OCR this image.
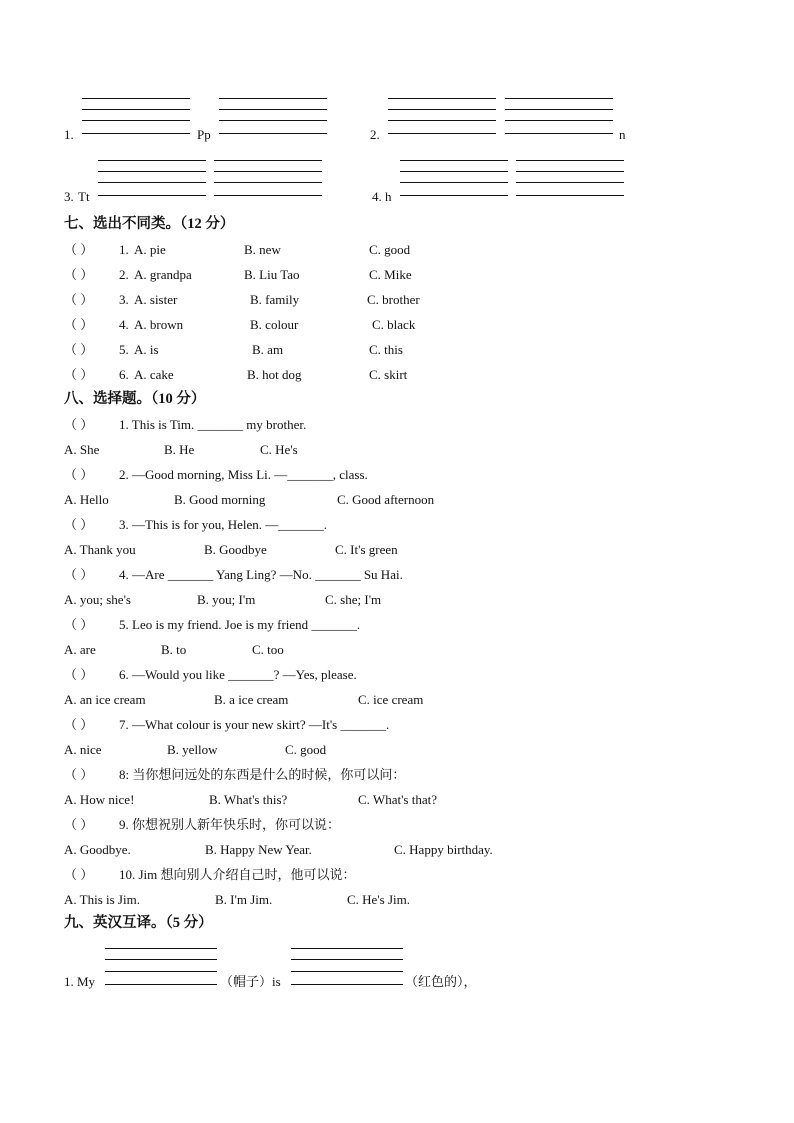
1.	Pp	2.	n
3. Tt	4. h
七、选出不同类。（12 分）
（ ） 1. A. pie	B. new	C. good
（ ） 2. A. grandpa	B. Liu Tao	C. Mike
（ ） 3. A. sister	B. family	C. brother
（ ） 4. A. brown	B. colour	C. black
（ ） 5. A. is	B. am	C. this
（ ） 6. A. cake	B. hot dog	C. skirt
八、选择题。（10 分）
（ ） 1. This is Tim. _______ my brother.
A. She	B. He	C. He's
（ ） 2. —Good morning, Miss Li. —_______, class.
A. Hello	B. Good morning	C. Good afternoon
（ ） 3. —This is for you, Helen. —_______.
A. Thank you	B. Goodbye	C. It's green
（ ） 4. —Are _______ Yang Ling? —No. _______ Su Hai.
A. you; she's	B. you; I'm	C. she; I'm
（ ） 5. Leo is my friend. Joe is my friend _______.
A. are	B. to	C. too
（ ） 6. —Would you like _______? —Yes, please.
A. an ice cream	B. a ice cream	C. ice cream
（ ） 7. —What colour is your new skirt? —It's _______.
A. nice	B. yellow	C. good
（ ） 8: 当你想问远处的东西是什么的时候，你可以问：
A. How nice!	B. What's this?	C. What's that?
（ ） 9. 你想祝别人新年快乐时，你可以说：
A. Goodbye.	B. Happy New Year.	C. Happy birthday.
（ ） 10. Jim 想向别人介绍自己时，他可以说：
A. This is Jim.	B. I'm Jim.	C. He's Jim.
九、英汉互译。（5 分）
1. My	（帽子）is	（红色的），
